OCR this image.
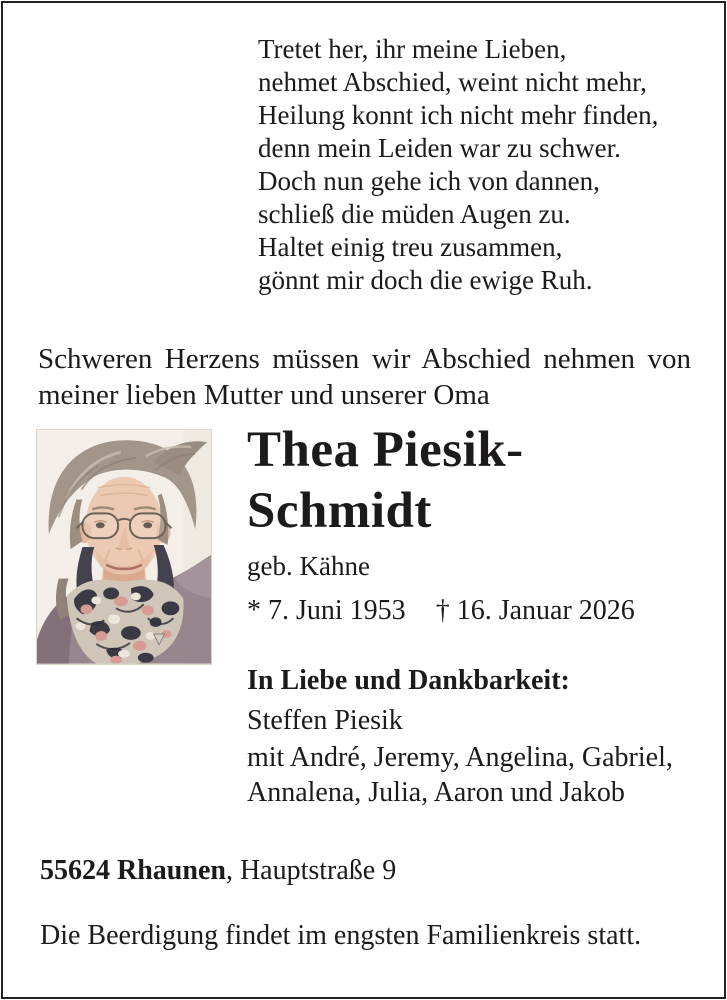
Tretet her, ihr meine Lieben,
nehmet Abschied, weint nicht mehr,
Heilung konnt ich nicht mehr finden,
denn mein Leiden war zu schwer.
Doch nun gehe ich von dannen,
schließ die müden Augen zu.
Haltet einig treu zusammen,
gönnt mir doch die ewige Ruh.
Schweren Herzens müssen wir Abschied nehmen von meiner lieben Mutter und unserer Oma
Thea Piesik-
Schmidt
geb. Kähne
* 7. Juni 1953 † 16. Januar 2026
In Liebe und Dankbarkeit:
Steffen Piesik
mit André, Jeremy, Angelina, Gabriel,
Annalena, Julia, Aaron und Jakob
55624 Rhaunen, Hauptstraße 9
Die Beerdigung findet im engsten Familienkreis statt.
